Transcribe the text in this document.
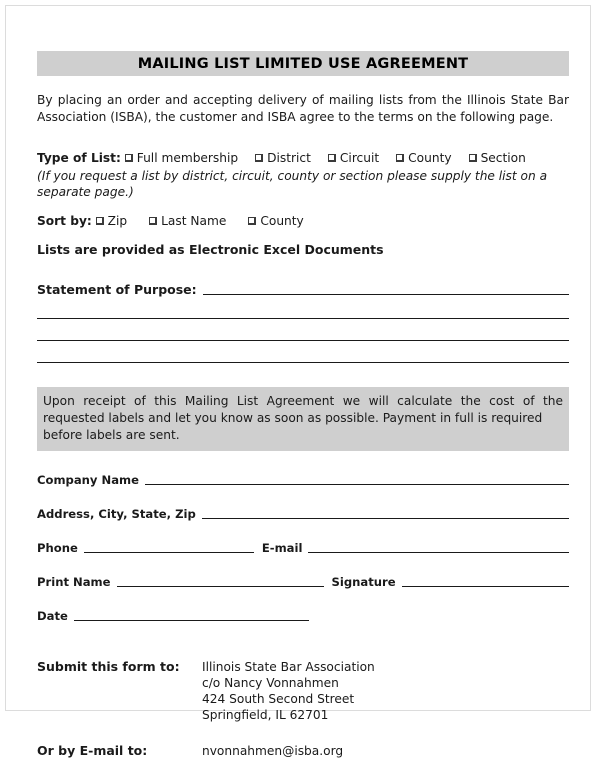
MAILING LIST LIMITED USE AGREEMENT
By placing an order and accepting delivery of mailing lists from the Illinois State Bar Association (ISBA), the customer and ISBA agree to the terms on the following page.
Type of List: Full membership District Circuit County Section
(If you request a list by district, circuit, county or section please supply the list on a separate page.)
Sort by: Zip	Last Name	County
Lists are provided as Electronic Excel Documents
Statement of Purpose:
Upon receipt of this Mailing List Agreement we will calculate the cost of the requested labels and let you know as soon as possible. Payment in full is required
before labels are sent.
Company Name
Address, City, State, Zip
Phone	E-mail
Print Name	Signature
Date
Submit this form to:	Illinois State Bar Association
c/o Nancy Vonnahmen
424 South Second Street
Springfield, IL 62701
Or by E-mail to:	nvonnahmen@isba.org
